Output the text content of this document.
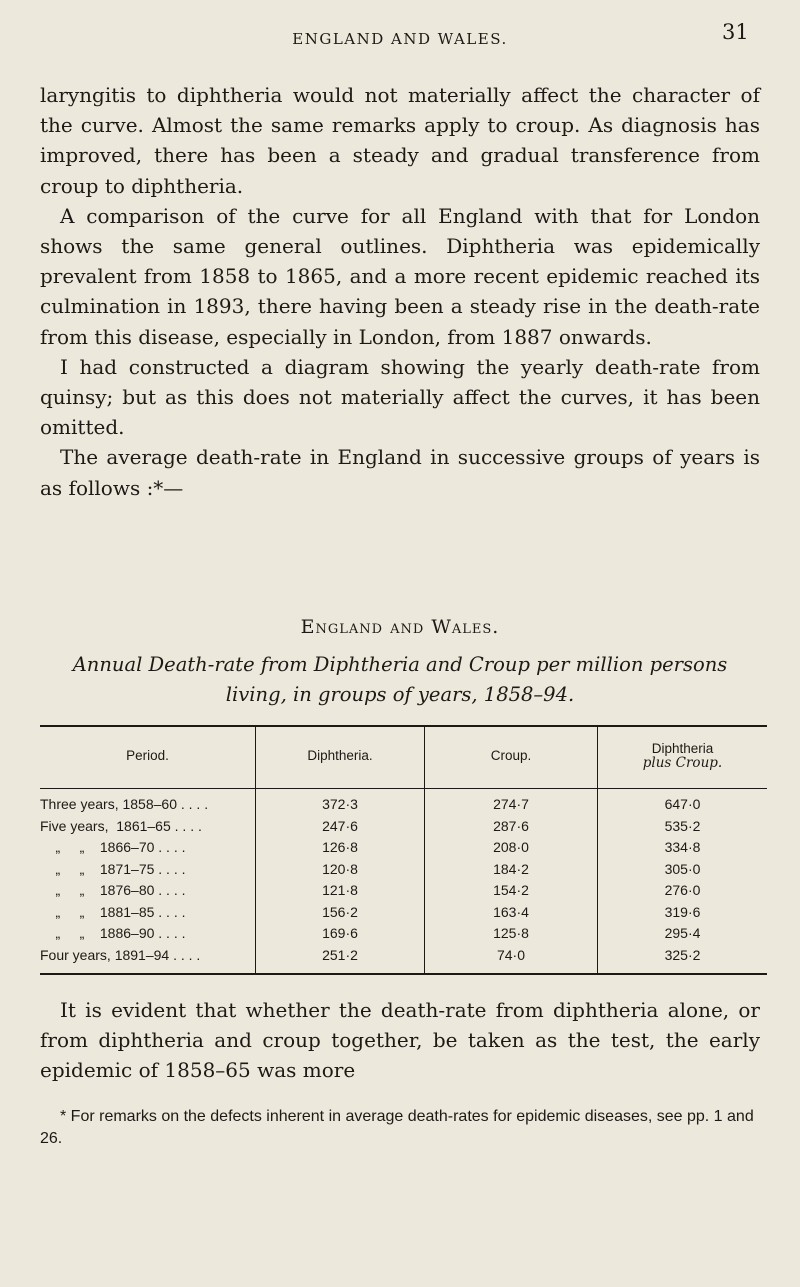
ENGLAND AND WALES.	31

laryngitis to diphtheria would not materially affect the character of the curve. Almost the same remarks apply to croup. As diagnosis has improved, there has been a steady and gradual transference from croup to diphtheria.

A comparison of the curve for all England with that for London shows the same general outlines. Diphtheria was epidemically prevalent from 1858 to 1865, and a more recent epidemic reached its culmination in 1893, there having been a steady rise in the death-rate from this disease, especially in London, from 1887 onwards.

I had constructed a diagram showing the yearly death-rate from quinsy; but as this does not materially affect the curves, it has been omitted.

The average death-rate in England in successive groups of years is as follows :*—

England and Wales.
Annual Death-rate from Diphtheria and Croup per million persons living, in groups of years, 1858–94.
Period.	Diphtheria.	Croup.	Diphtheria
plus Croup.
Three years, 1858–60 . . . .	372·3	274·7	647·0
Five years,  1861–65 . . . .	247·6	287·6	535·2
„     „    1866–70 . . . .	126·8	208·0	334·8
„     „    1871–75 . . . .	120·8	184·2	305·0
„     „    1876–80 . . . .	121·8	154·2	276·0
„     „    1881–85 . . . .	156·2	163·4	319·6
„     „    1886–90 . . . .	169·6	125·8	295·4
Four years, 1891–94 . . . .	251·2	74·0	325·2

It is evident that whether the death-rate from diphtheria alone, or from diphtheria and croup together, be taken as the test, the early epidemic of 1858–65 was more

* For remarks on the defects inherent in average death-rates for epidemic diseases, see pp. 1 and 26.
